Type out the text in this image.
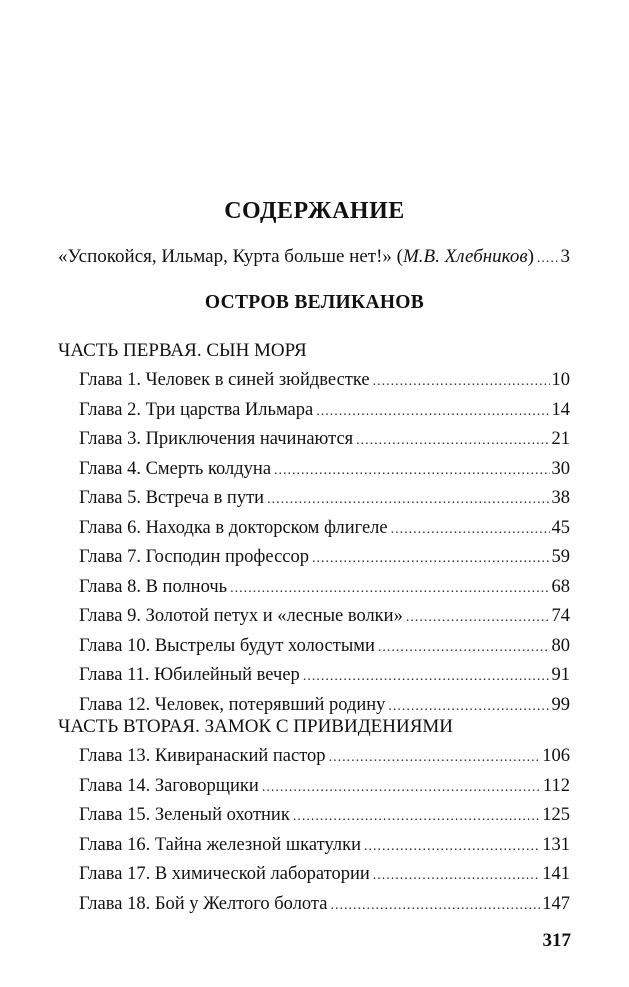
СОДЕРЖАНИЕ
«Успокойся, Ильмар, Курта больше нет!» ( М.В. Хлебников ) ..... 3
ОСТРОВ ВЕЛИКАНОВ
ЧАСТЬ ПЕРВАЯ. СЫН МОРЯ
Глава 1. Человек в синей зюйдвестке .....	10
Глава 2. Три царства Ильмара .....	14
Глава 3. Приключения начинаются .....	21
Глава 4. Смерть колдуна .....	30
Глава 5. Встреча в пути .....	38
Глава 6. Находка в докторском флигеле .....	45
Глава 7. Господин профессор .....	59
Глава 8. В полночь .....	68
Глава 9. Золотой петух и «лесные волки» .....	74
Глава 10. Выстрелы будут холостыми .....	80
Глава 11. Юбилейный вечер .....	91
Глава 12. Человек, потерявший родину .....	99
ЧАСТЬ ВТОРАЯ. ЗАМОК С ПРИВИДЕНИЯМИ
Глава 13. Кивиранаский пастор .....	106
Глава 14. Заговорщики .....	112
Глава 15. Зеленый охотник .....	125
Глава 16. Тайна железной шкатулки .....	131
Глава 17. В химической лаборатории .....	141
Глава 18. Бой у Желтого болота .....	147
317
